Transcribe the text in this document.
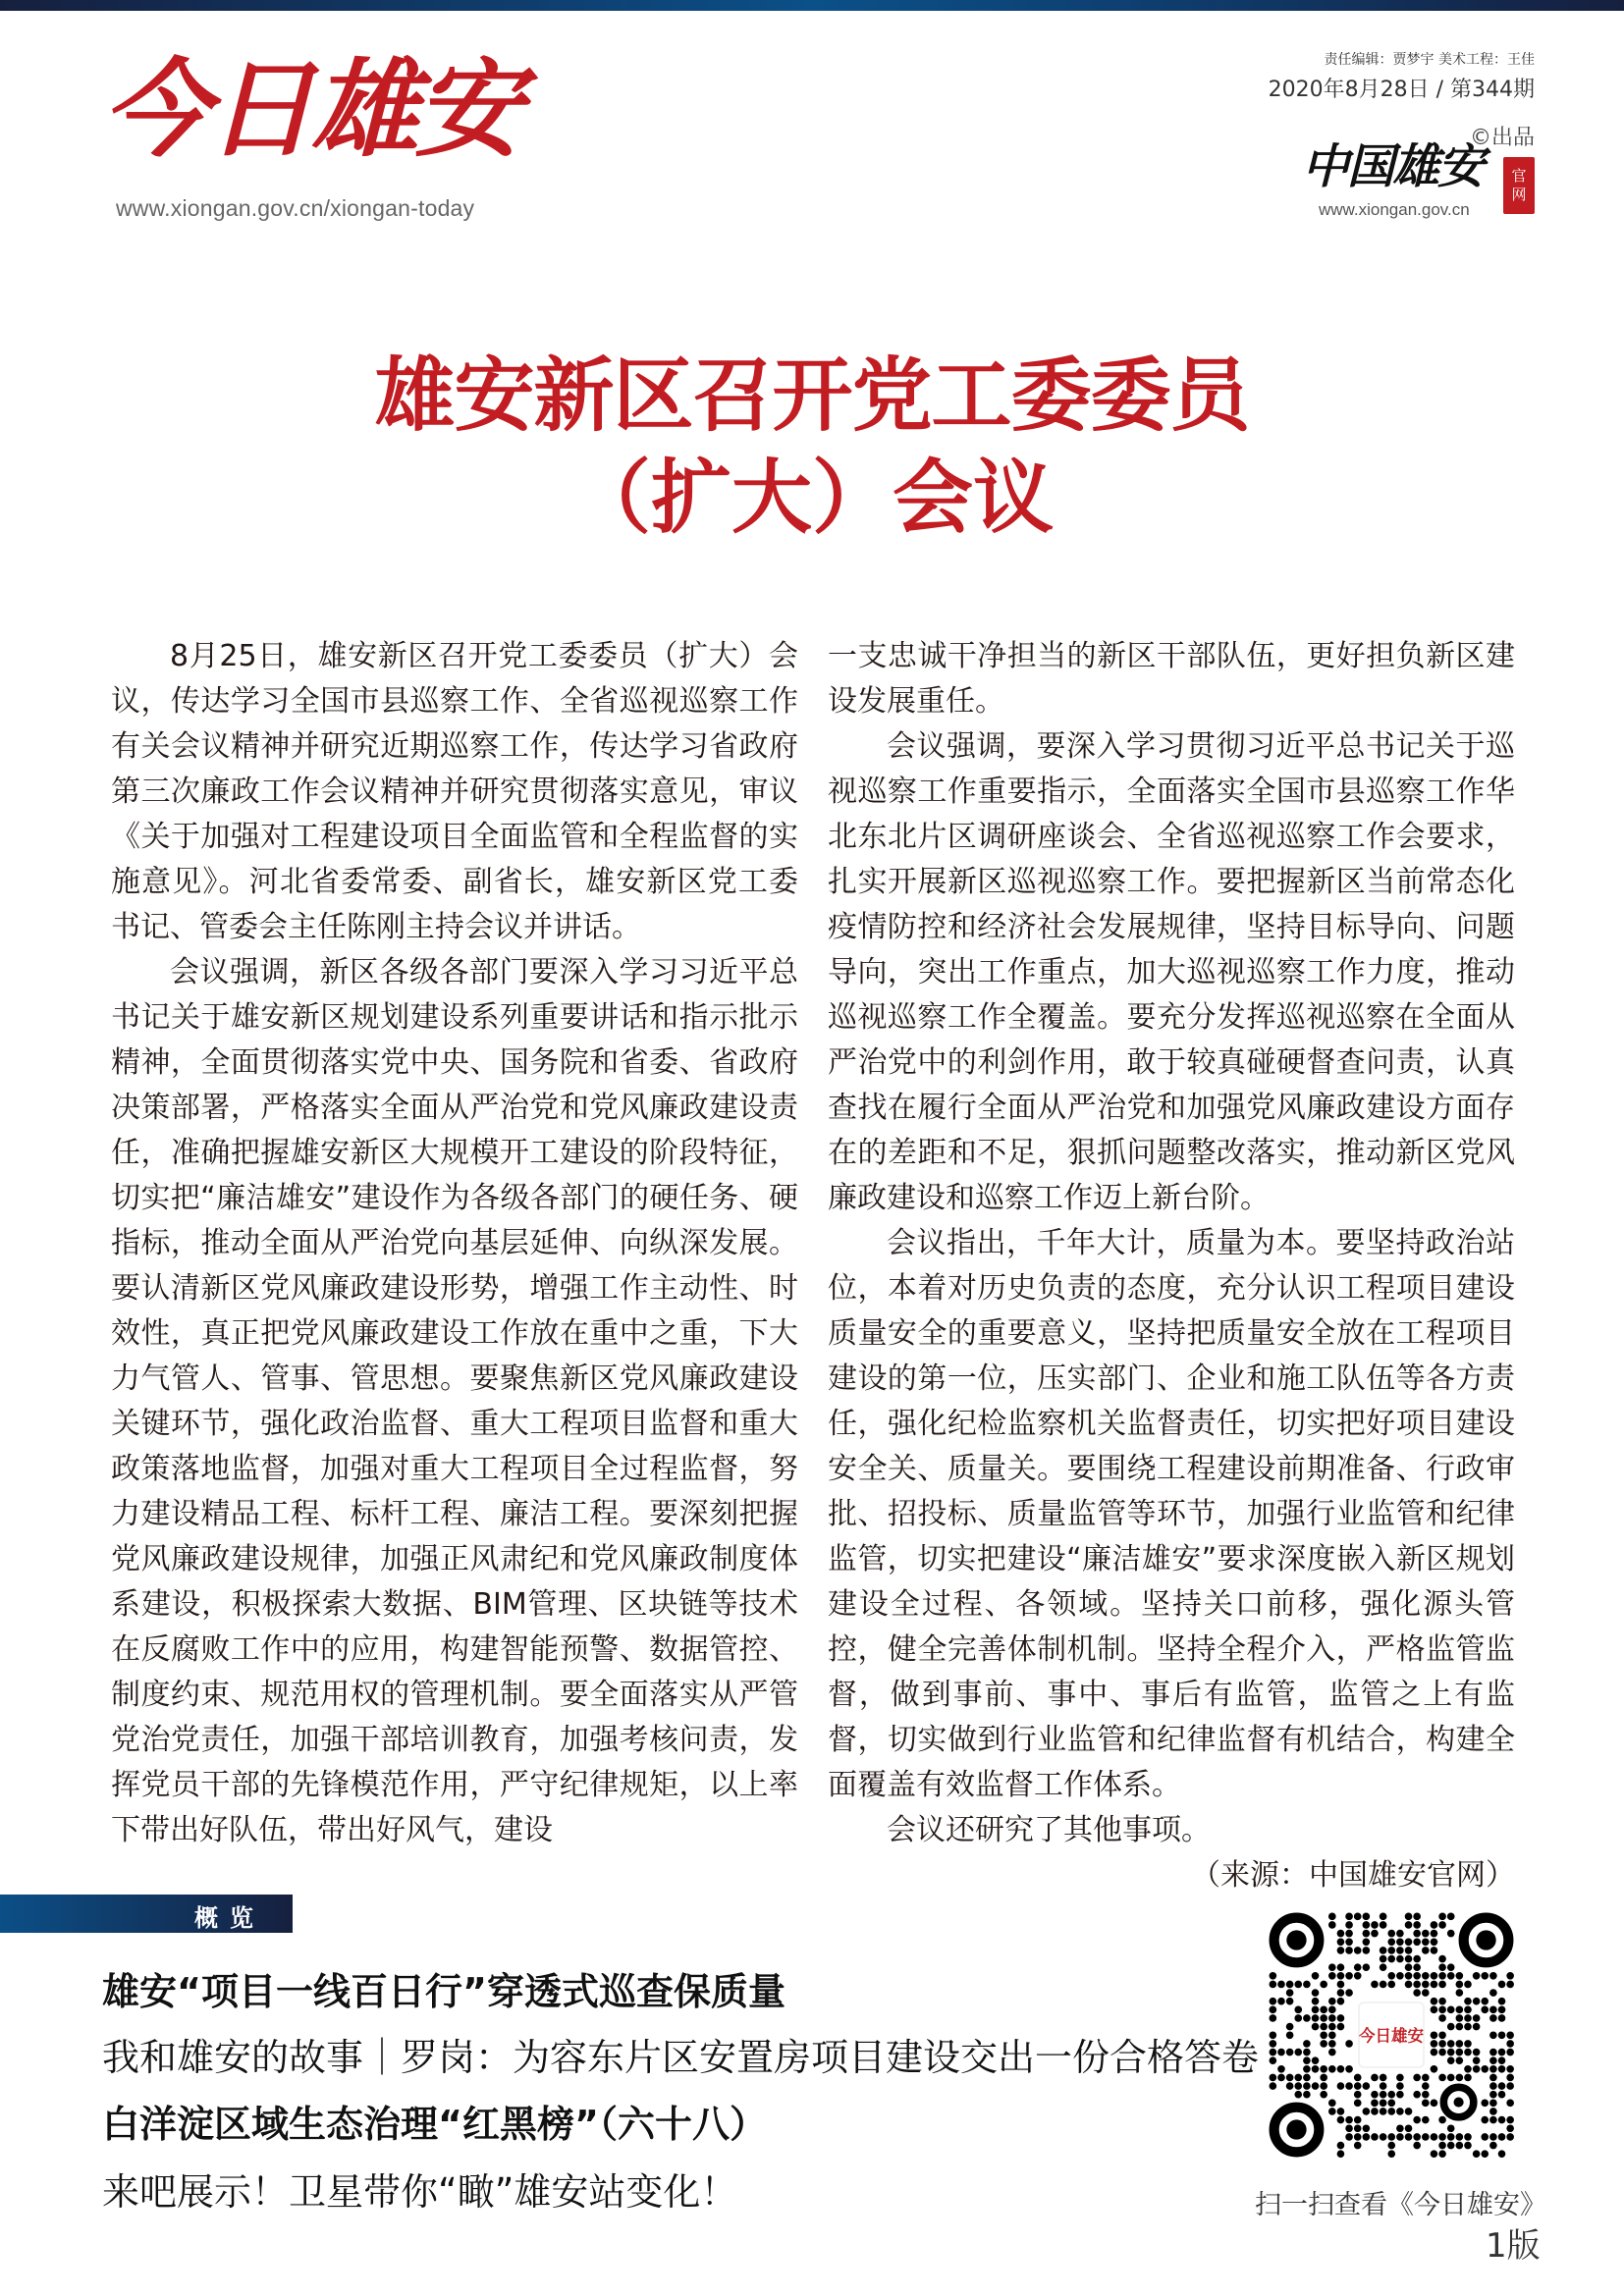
今日雄安
www.xiongan.gov.cn/xiongan-today
责任编辑：贾梦宇 美术工程：王佳
2020年8月28日 / 第344期
©出品
中国雄安
www.xiongan.gov.cn
官
网
雄安新区召开党工委委员
（扩大）会议

8月25日，雄安新区召开党工委委员（扩大）会议，传达学习全国市县巡察工作、全省巡视巡察工作有关会议精神并研究近期巡察工作，传达学习省政府第三次廉政工作会议精神并研究贯彻落实意见，审议《关于加强对工程建设项目全面监管和全程监督的实施意见》。河北省委常委、副省长，雄安新区党工委书记、管委会主任陈刚主持会议并讲话。

会议强调，新区各级各部门要深入学习习近平总书记关于雄安新区规划建设系列重要讲话和指示批示精神，全面贯彻落实党中央、国务院和省委、省政府决策部署，严格落实全面从严治党和党风廉政建设责任，准确把握雄安新区大规模开工建设的阶段特征，切实把“廉洁雄安”建设作为各级各部门的硬任务、硬指标，推动全面从严治党向基层延伸、向纵深发展。要认清新区党风廉政建设形势，增强工作主动性、时效性，真正把党风廉政建设工作放在重中之重，下大力气管人、管事、管思想。要聚焦新区党风廉政建设关键环节，强化政治监督、重大工程项目监督和重大政策落地监督，加强对重大工程项目全过程监督，努力建设精品工程、标杆工程、廉洁工程。要深刻把握党风廉政建设规律，加强正风肃纪和党风廉政制度体系建设，积极探索大数据、BIM管理、区块链等技术在反腐败工作中的应用，构建智能预警、数据管控、制度约束、规范用权的管理机制。要全面落实从严管党治党责任，加强干部培训教育，加强考核问责，发挥党员干部的先锋模范作用，严守纪律规矩，以上率下带出好队伍，带出好风气，建设

一支忠诚干净担当的新区干部队伍，更好担负新区建设发展重任。

会议强调，要深入学习贯彻习近平总书记关于巡视巡察工作重要指示，全面落实全国市县巡察工作华北东北片区调研座谈会、全省巡视巡察工作会要求，扎实开展新区巡视巡察工作。要把握新区当前常态化疫情防控和经济社会发展规律，坚持目标导向、问题导向，突出工作重点，加大巡视巡察工作力度，推动巡视巡察工作全覆盖。要充分发挥巡视巡察在全面从严治党中的利剑作用，敢于较真碰硬督查问责，认真查找在履行全面从严治党和加强党风廉政建设方面存在的差距和不足，狠抓问题整改落实，推动新区党风廉政建设和巡察工作迈上新台阶。

会议指出，千年大计，质量为本。要坚持政治站位，本着对历史负责的态度，充分认识工程项目建设质量安全的重要意义，坚持把质量安全放在工程项目建设的第一位，压实部门、企业和施工队伍等各方责任，强化纪检监察机关监督责任，切实把好项目建设安全关、质量关。要围绕工程建设前期准备、行政审批、招投标、质量监管等环节，加强行业监管和纪律监管，切实把建设“廉洁雄安”要求深度嵌入新区规划建设全过程、各领域。坚持关口前移，强化源头管控，健全完善体制机制。坚持全程介入，严格监管监督，做到事前、事中、事后有监管，监管之上有监督，切实做到行业监管和纪律监督有机结合，构建全面覆盖有效监督工作体系。

会议还研究了其他事项。
（来源：中国雄安官网）

概览
雄安“项目一线百日行”穿透式巡查保质量
我和雄安的故事｜罗岗：为容东片区安置房项目建设交出一份合格答卷
白洋淀区域生态治理“红黑榜”（六十八）
来吧展示！卫星带你“瞰”雄安站变化！
今日雄安
扫一扫查看《今日雄安》
1版
